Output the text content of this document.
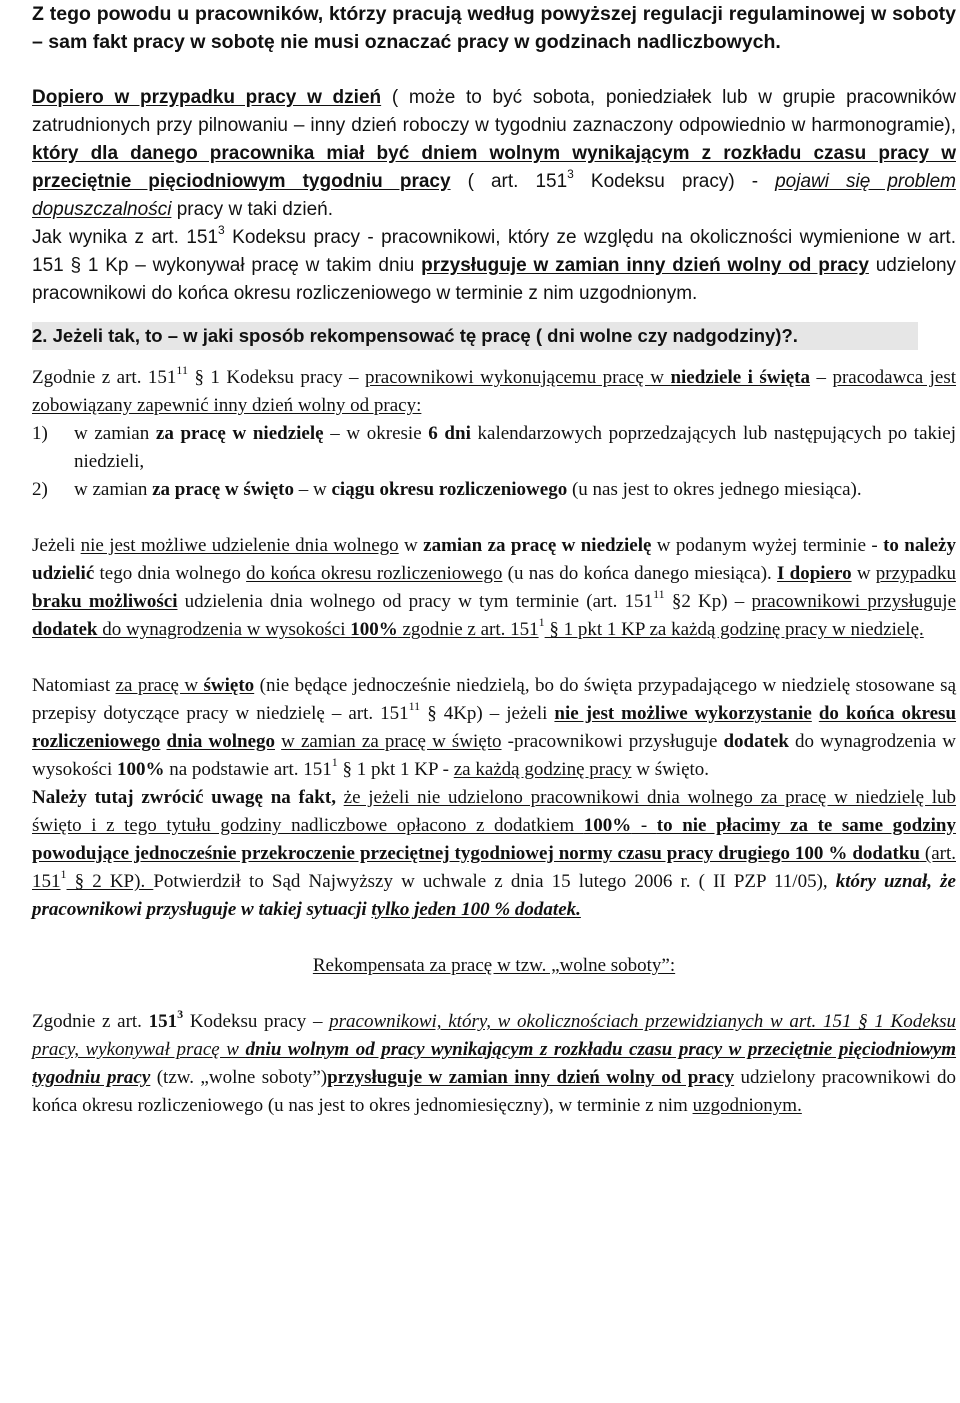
Z tego powodu u pracowników, którzy pracują według powyższej regulacji regulaminowej w soboty – sam fakt pracy w sobotę nie musi oznaczać pracy w godzinach nadliczbowych.

Dopiero w przypadku pracy w dzień ( może to być sobota, poniedziałek lub w grupie pracowników zatrudnionych przy pilnowaniu – inny dzień roboczy w tygodniu zaznaczony odpowiednio w harmonogramie), który dla danego pracownika miał być dniem wolnym wynikającym z rozkładu czasu pracy w przeciętnie pięciodniowym tygodniu pracy ( art. $151^3$ Kodeksu pracy) - pojawi się problem dopuszczalności pracy w taki dzień.
Jak wynika z art. $151^3$ Kodeksu pracy - pracownikowi, który ze względu na okoliczności wymienione w art. 151 § 1 Kp – wykonywał pracę w takim dniu przysługuje w zamian inny dzień wolny od pracy udzielony pracownikowi do końca okresu rozliczeniowego w terminie z nim uzgodnionym.

2. Jeżeli tak, to – w jaki sposób rekompensować tę pracę ( dni wolne czy nadgodziny)?.

Zgodnie z art. $151^{11}$ § 1 Kodeksu pracy – pracownikowi wykonującemu pracę w niedziele i święta – pracodawca jest zobowiązany zapewnić inny dzień wolny od pracy:

1)	w zamian za pracę w niedzielę – w okresie 6 dni kalendarzowych poprzedzających lub następujących po takiej niedzieli,
2)	w zamian za pracę w święto – w ciągu okresu rozliczeniowego (u nas jest to okres jednego miesiąca).

Jeżeli nie jest możliwe udzielenie dnia wolnego w zamian za pracę w niedzielę w podanym wyżej terminie - to należy udzielić tego dnia wolnego do końca okresu rozliczeniowego (u nas do końca danego miesiąca). I dopiero w przypadku braku możliwości udzielenia dnia wolnego od pracy w tym terminie (art. $151^{11}$ §2 Kp) – pracownikowi przysługuje dodatek do wynagrodzenia w wysokości 100% zgodnie z art. $151^1$ § 1 pkt 1 KP za każdą godzinę pracy w niedzielę.

Natomiast za pracę w święto (nie będące jednocześnie niedzielą, bo do święta przypadającego w niedzielę stosowane są przepisy dotyczące pracy w niedzielę – art. $151^{11}$ § 4Kp) – jeżeli nie jest możliwe wykorzystanie do końca okresu rozliczeniowego dnia wolnego w zamian za pracę w święto -pracownikowi przysługuje dodatek do wynagrodzenia w wysokości 100% na podstawie art. $151^1$ § 1 pkt 1 KP - za każdą godzinę pracy w święto.

Należy tutaj zwrócić uwagę na fakt, że jeżeli nie udzielono pracownikowi dnia wolnego za pracę w niedzielę lub święto i z tego tytułu godziny nadliczbowe opłacono z dodatkiem 100% - to nie płacimy za te same godziny powodujące jednocześnie przekroczenie przeciętnej tygodniowej normy czasu pracy drugiego 100 % dodatku (art. $151^1$ § 2 KP). Potwierdził to Sąd Najwyższy w uchwale z dnia 15 lutego 2006 r. ( II PZP 11/05), który uznał, że pracownikowi przysługuje w takiej sytuacji tylko jeden 100 % dodatek.

Rekompensata za pracę w tzw. „wolne soboty”:

Zgodnie z art. $151^3$ Kodeksu pracy – pracownikowi, który, w okolicznościach przewidzianych w art. 151 § 1 Kodeksu pracy, wykonywał pracę w dniu wolnym od pracy wynikającym z rozkładu czasu pracy w przeciętnie pięciodniowym tygodniu pracy (tzw. „wolne soboty”)przysługuje w zamian inny dzień wolny od pracy udzielony pracownikowi do końca okresu rozliczeniowego (u nas jest to okres jednomiesięczny), w terminie z nim uzgodnionym.
